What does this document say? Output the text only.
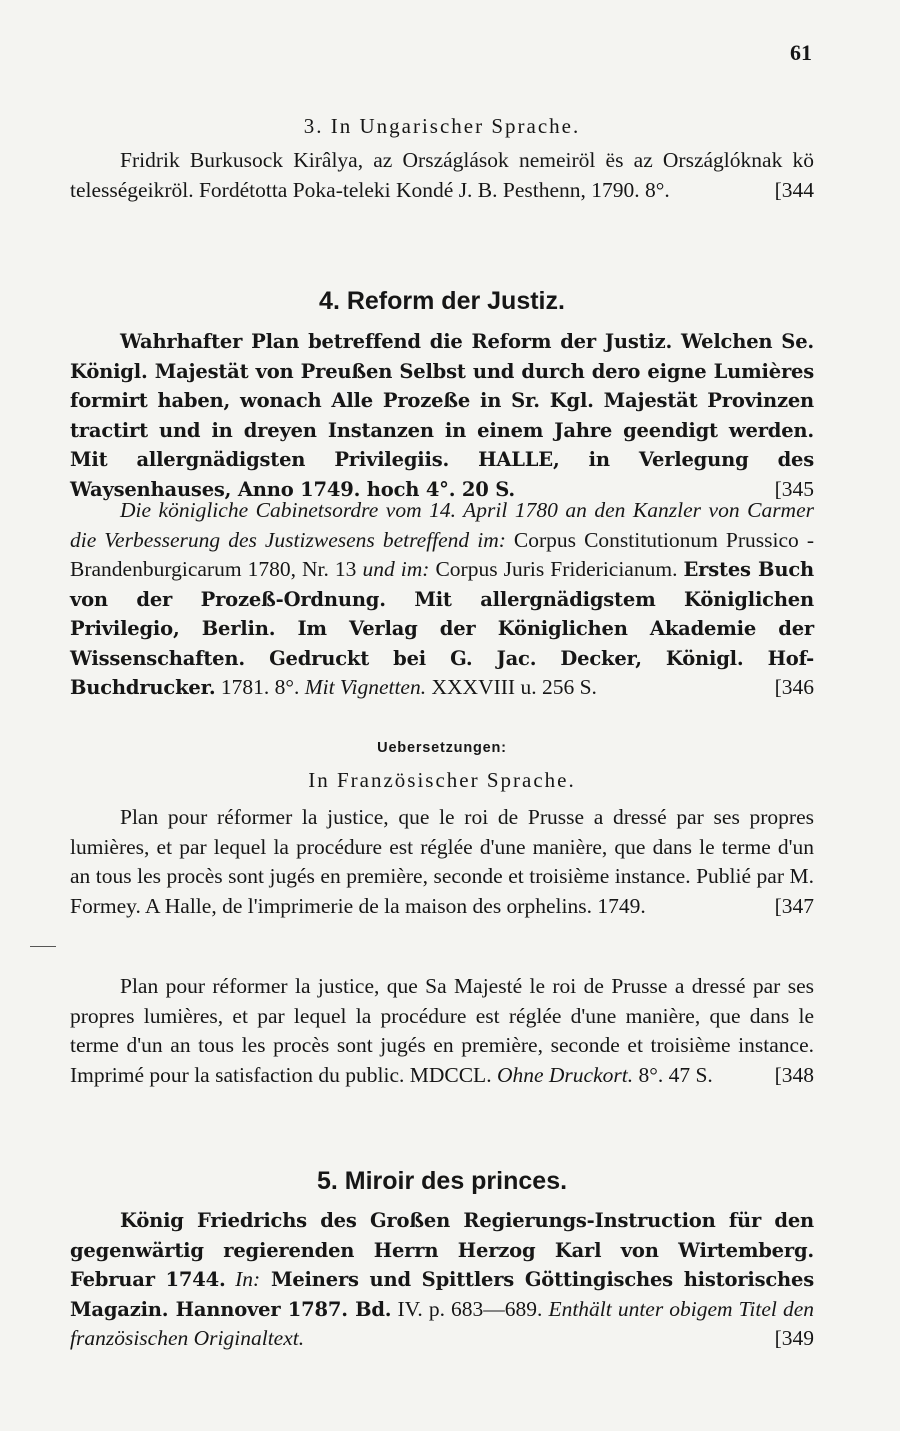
61

3. In Ungarischer Sprache.

Fridrik Burkusock Kirâlya, az Országlások nemeiröl ës az Országlóknak kö telességeikröl. Fordétotta Poka-teleki Kondé J. B. Pesthenn, 1790. 8°.	[344

4. Reform der Justiz.

Wahrhafter Plan betreffend die Reform der Justiz. Welchen Se. Königl. Majestät von Preußen Selbst und durch dero eigne Lumières formirt haben, wonach Alle Prozeße in Sr. Kgl. Majestät Provinzen tractirt und in dreyen Instanzen in einem Jahre geendigt werden. Mit allergnädigsten Privilegiis. HALLE, in Verlegung des Waysenhauses, Anno 1749. hoch 4°. 20 S.	[345

Die königliche Cabinetsordre vom 14. April 1780 an den Kanzler von Carmer die Verbesserung des Justizwesens betreffend im: Corpus Constitutionum Prussico - Brandenburgicarum 1780, Nr. 13 und im: Corpus Juris Fridericianum. Erstes Buch von der Prozeß-Ordnung. Mit allergnädigstem Königlichen Privilegio, Berlin. Im Verlag der Königlichen Akademie der Wissenschaften. Gedruckt bei G. Jac. Decker, Königl. Hof-Buchdrucker. 1781. 8°. Mit Vignetten. XXXVIII u. 256 S.	[346

Uebersetzungen:

In Französischer Sprache.

Plan pour réformer la justice, que le roi de Prusse a dressé par ses propres lumières, et par lequel la procédure est réglée d'une manière, que dans le terme d'un an tous les procès sont jugés en première, seconde et troisième instance. Publié par M. Formey. A Halle, de l'imprimerie de la maison des orphelins. 1749.	[347

Plan pour réformer la justice, que Sa Majesté le roi de Prusse a dressé par ses propres lumières, et par lequel la procédure est réglée d'une manière, que dans le terme d'un an tous les procès sont jugés en première, seconde et troisième instance. Imprimé pour la satisfaction du public. MDCCL. Ohne Druckort. 8°. 47 S.	[348

5. Miroir des princes.

König Friedrichs des Großen Regierungs-Instruction für den gegenwärtig regierenden Herrn Herzog Karl von Wirtemberg. Februar 1744. In: Meiners und Spittlers Göttingisches historisches Magazin. Hannover 1787. Bd. IV. p. 683—689. Enthält unter obigem Titel den französischen Originaltext.	[349
